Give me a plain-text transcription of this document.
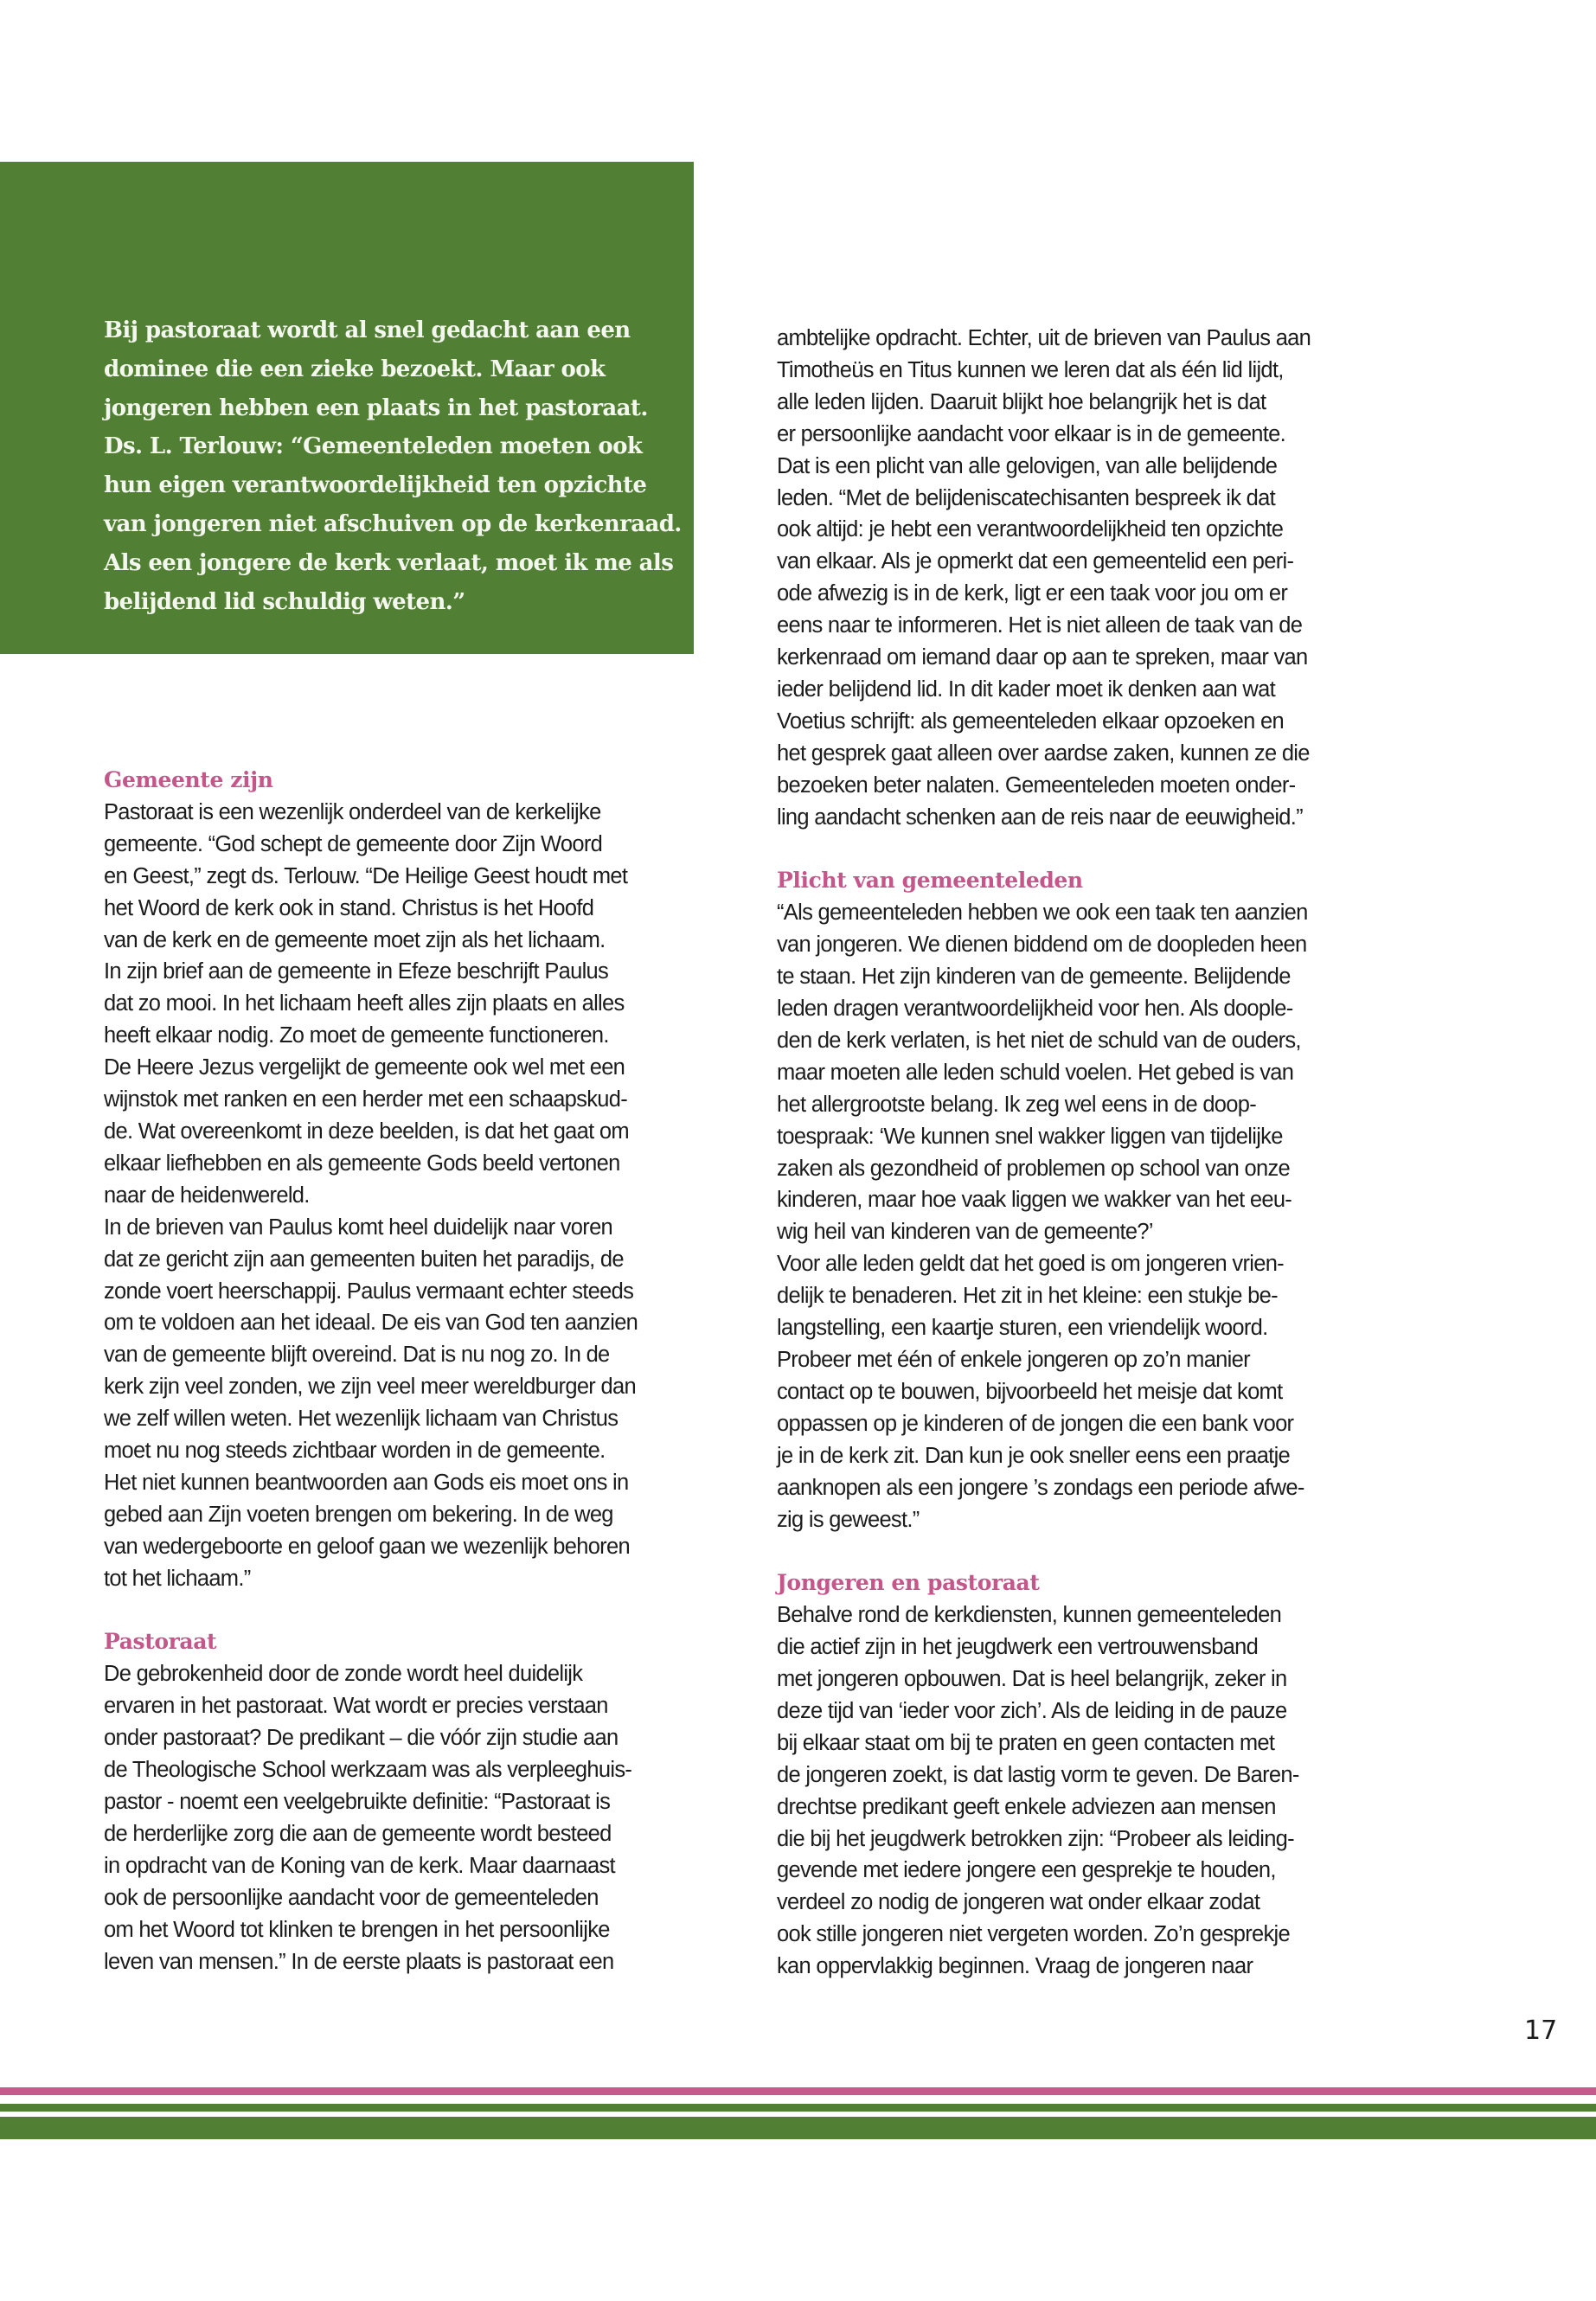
Bij pastoraat wordt al snel gedacht aan een
dominee die een zieke bezoekt. Maar ook
jongeren hebben een plaats in het pastoraat.
Ds. L. Terlouw: “Gemeenteleden moeten ook
hun eigen verantwoordelijkheid ten opzichte
van jongeren niet afschuiven op de kerkenraad.
Als een jongere de kerk verlaat, moet ik me als
belijdend lid schuldig weten.”
Gemeente zijn
Pastoraat is een wezenlijk onderdeel van de kerkelijke
gemeente. “God schept de gemeente door Zijn Woord
en Geest,” zegt ds. Terlouw. “De Heilige Geest houdt met
het Woord de kerk ook in stand. Christus is het Hoofd
van de kerk en de gemeente moet zijn als het lichaam.
In zijn brief aan de gemeente in Efeze beschrijft Paulus
dat zo mooi. In het lichaam heeft alles zijn plaats en alles
heeft elkaar nodig. Zo moet de gemeente functioneren.
De Heere Jezus vergelijkt de gemeente ook wel met een
wijnstok met ranken en een herder met een schaapskud-
de. Wat overeenkomt in deze beelden, is dat het gaat om
elkaar liefhebben en als gemeente Gods beeld vertonen
naar de heidenwereld.
In de brieven van Paulus komt heel duidelijk naar voren
dat ze gericht zijn aan gemeenten buiten het paradijs, de
zonde voert heerschappij. Paulus vermaant echter steeds
om te voldoen aan het ideaal. De eis van God ten aanzien
van de gemeente blijft overeind. Dat is nu nog zo. In de
kerk zijn veel zonden, we zijn veel meer wereldburger dan
we zelf willen weten. Het wezenlijk lichaam van Christus
moet nu nog steeds zichtbaar worden in de gemeente.
Het niet kunnen beantwoorden aan Gods eis moet ons in
gebed aan Zijn voeten brengen om bekering. In de weg
van wedergeboorte en geloof gaan we wezenlijk behoren
tot het lichaam.”
Pastoraat
De gebrokenheid door de zonde wordt heel duidelijk
ervaren in het pastoraat. Wat wordt er precies verstaan
onder pastoraat? De predikant – die vóór zijn studie aan
de Theologische School werkzaam was als verpleeghuis-
pastor - noemt een veelgebruikte definitie: “Pastoraat is
de herderlijke zorg die aan de gemeente wordt besteed
in opdracht van de Koning van de kerk. Maar daarnaast
ook de persoonlijke aandacht voor de gemeenteleden
om het Woord tot klinken te brengen in het persoonlijke
leven van mensen.” In de eerste plaats is pastoraat een
ambtelijke opdracht. Echter, uit de brieven van Paulus aan
Timotheüs en Titus kunnen we leren dat als één lid lijdt,
alle leden lijden. Daaruit blijkt hoe belangrijk het is dat
er persoonlijke aandacht voor elkaar is in de gemeente.
Dat is een plicht van alle gelovigen, van alle belijdende
leden. “Met de belijdeniscatechisanten bespreek ik dat
ook altijd: je hebt een verantwoordelijkheid ten opzichte
van elkaar. Als je opmerkt dat een gemeentelid een peri-
ode afwezig is in de kerk, ligt er een taak voor jou om er
eens naar te informeren. Het is niet alleen de taak van de
kerkenraad om iemand daar op aan te spreken, maar van
ieder belijdend lid. In dit kader moet ik denken aan wat
Voetius schrijft: als gemeenteleden elkaar opzoeken en
het gesprek gaat alleen over aardse zaken, kunnen ze die
bezoeken beter nalaten. Gemeenteleden moeten onder-
ling aandacht schenken aan de reis naar de eeuwigheid.”
Plicht van gemeenteleden
“Als gemeenteleden hebben we ook een taak ten aanzien
van jongeren. We dienen biddend om de doopleden heen
te staan. Het zijn kinderen van de gemeente. Belijdende
leden dragen verantwoordelijkheid voor hen. Als doople-
den de kerk verlaten, is het niet de schuld van de ouders,
maar moeten alle leden schuld voelen. Het gebed is van
het allergrootste belang. Ik zeg wel eens in de doop-
toespraak: ‘We kunnen snel wakker liggen van tijdelijke
zaken als gezondheid of problemen op school van onze
kinderen, maar hoe vaak liggen we wakker van het eeu-
wig heil van kinderen van de gemeente?’
Voor alle leden geldt dat het goed is om jongeren vrien-
delijk te benaderen. Het zit in het kleine: een stukje be-
langstelling, een kaartje sturen, een vriendelijk woord.
Probeer met één of enkele jongeren op zo’n manier
contact op te bouwen, bijvoorbeeld het meisje dat komt
oppassen op je kinderen of de jongen die een bank voor
je in de kerk zit. Dan kun je ook sneller eens een praatje
aanknopen als een jongere ’s zondags een periode afwe-
zig is geweest.”
Jongeren en pastoraat
Behalve rond de kerkdiensten, kunnen gemeenteleden
die actief zijn in het jeugdwerk een vertrouwensband
met jongeren opbouwen. Dat is heel belangrijk, zeker in
deze tijd van ‘ieder voor zich’. Als de leiding in de pauze
bij elkaar staat om bij te praten en geen contacten met
de jongeren zoekt, is dat lastig vorm te geven. De Baren-
drechtse predikant geeft enkele adviezen aan mensen
die bij het jeugdwerk betrokken zijn: “Probeer als leiding-
gevende met iedere jongere een gesprekje te houden,
verdeel zo nodig de jongeren wat onder elkaar zodat
ook stille jongeren niet vergeten worden. Zo’n gesprekje
kan oppervlakkig beginnen. Vraag de jongeren naar
17
